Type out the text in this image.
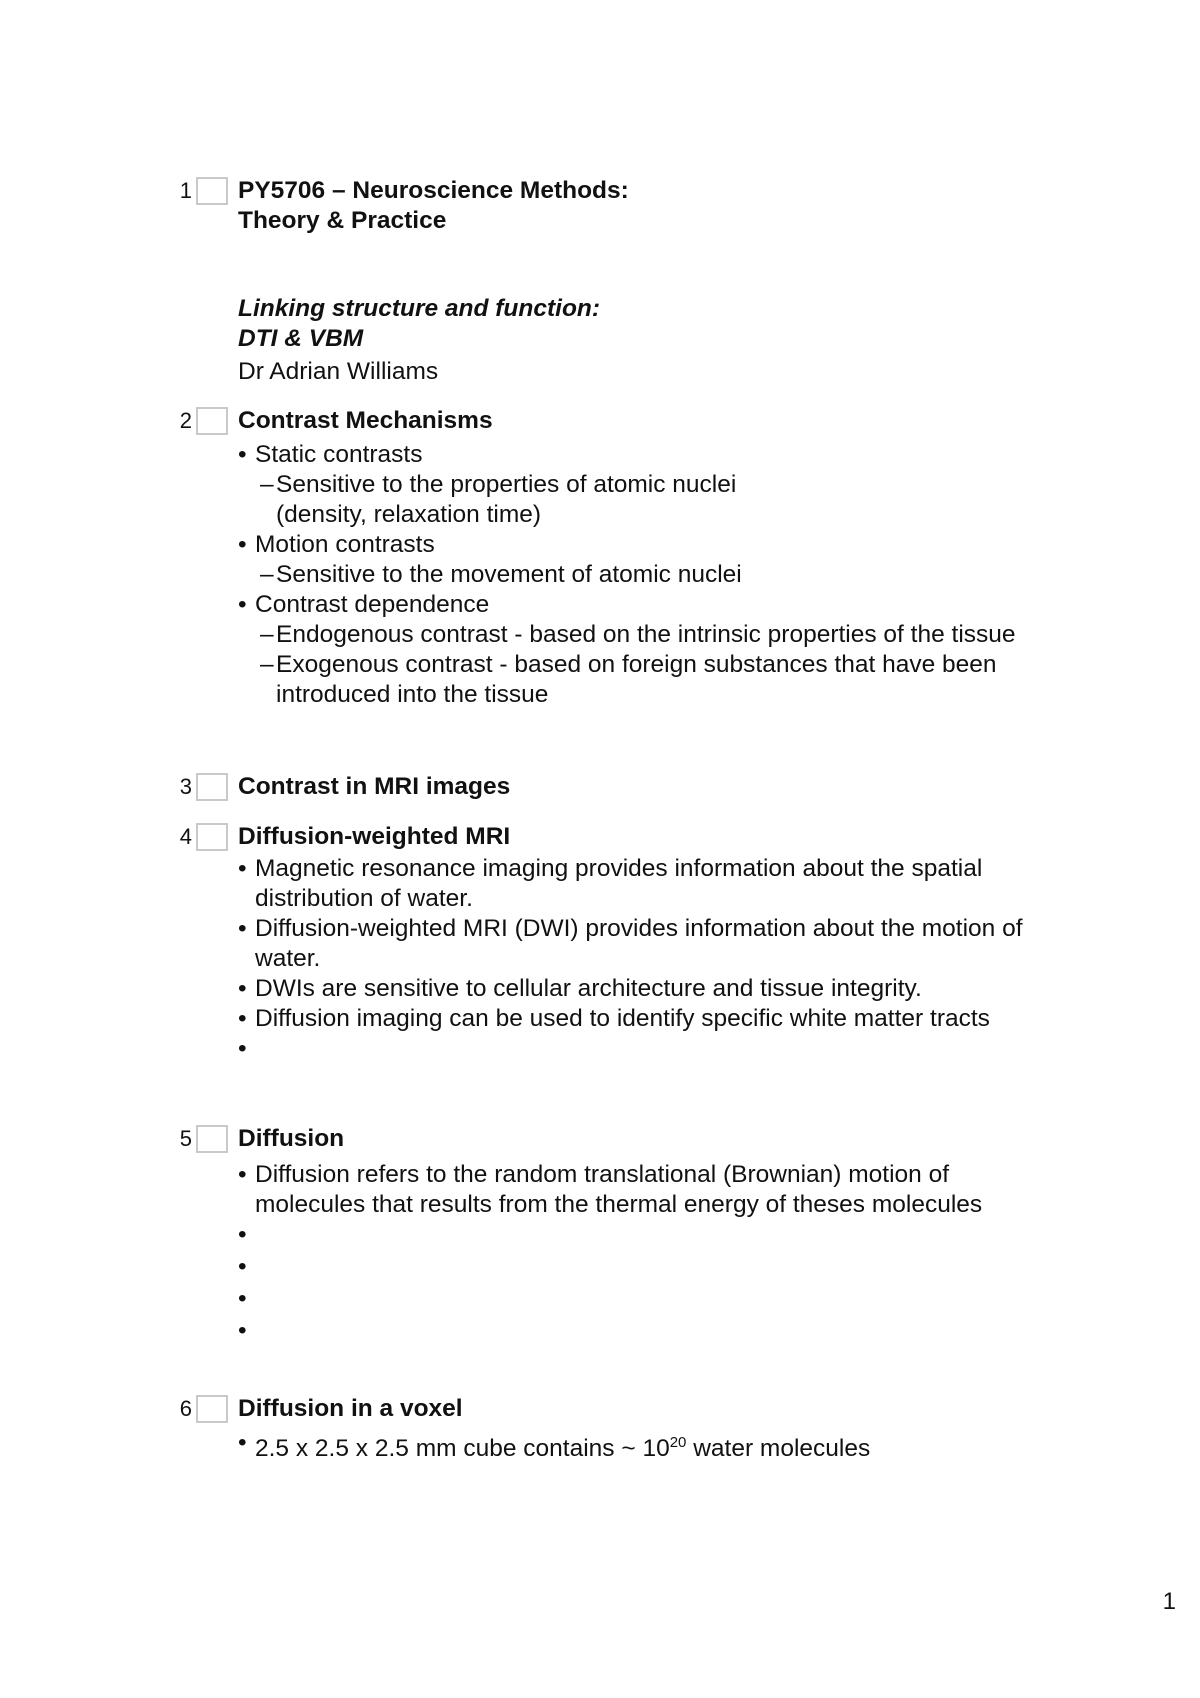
1 PY5706 – Neuroscience Methods:
Theory & Practice
Linking structure and function:
DTI & VBM
Dr Adrian Williams
2 Contrast Mechanisms
• Static contrasts
– Sensitive to the properties of atomic nuclei (density, relaxation time)
• Motion contrasts
– Sensitive to the movement of atomic nuclei
• Contrast dependence
– Endogenous contrast - based on the intrinsic properties of the tissue
– Exogenous contrast - based on foreign substances that have been introduced into the tissue
3 Contrast in MRI images
4 Diffusion-weighted MRI
• Magnetic resonance imaging provides information about the spatial distribution of water.
• Diffusion-weighted MRI (DWI) provides information about the motion of water.
• DWIs are sensitive to cellular architecture and tissue integrity.
• Diffusion imaging can be used to identify specific white matter tracts
•
5 Diffusion
• Diffusion refers to the random translational (Brownian) motion of molecules that results from the thermal energy of theses molecules
•
•
•
•
6 Diffusion in a voxel
• 2.5 x 2.5 x 2.5 mm cube contains ~ $10^{20}$ water molecules
1
